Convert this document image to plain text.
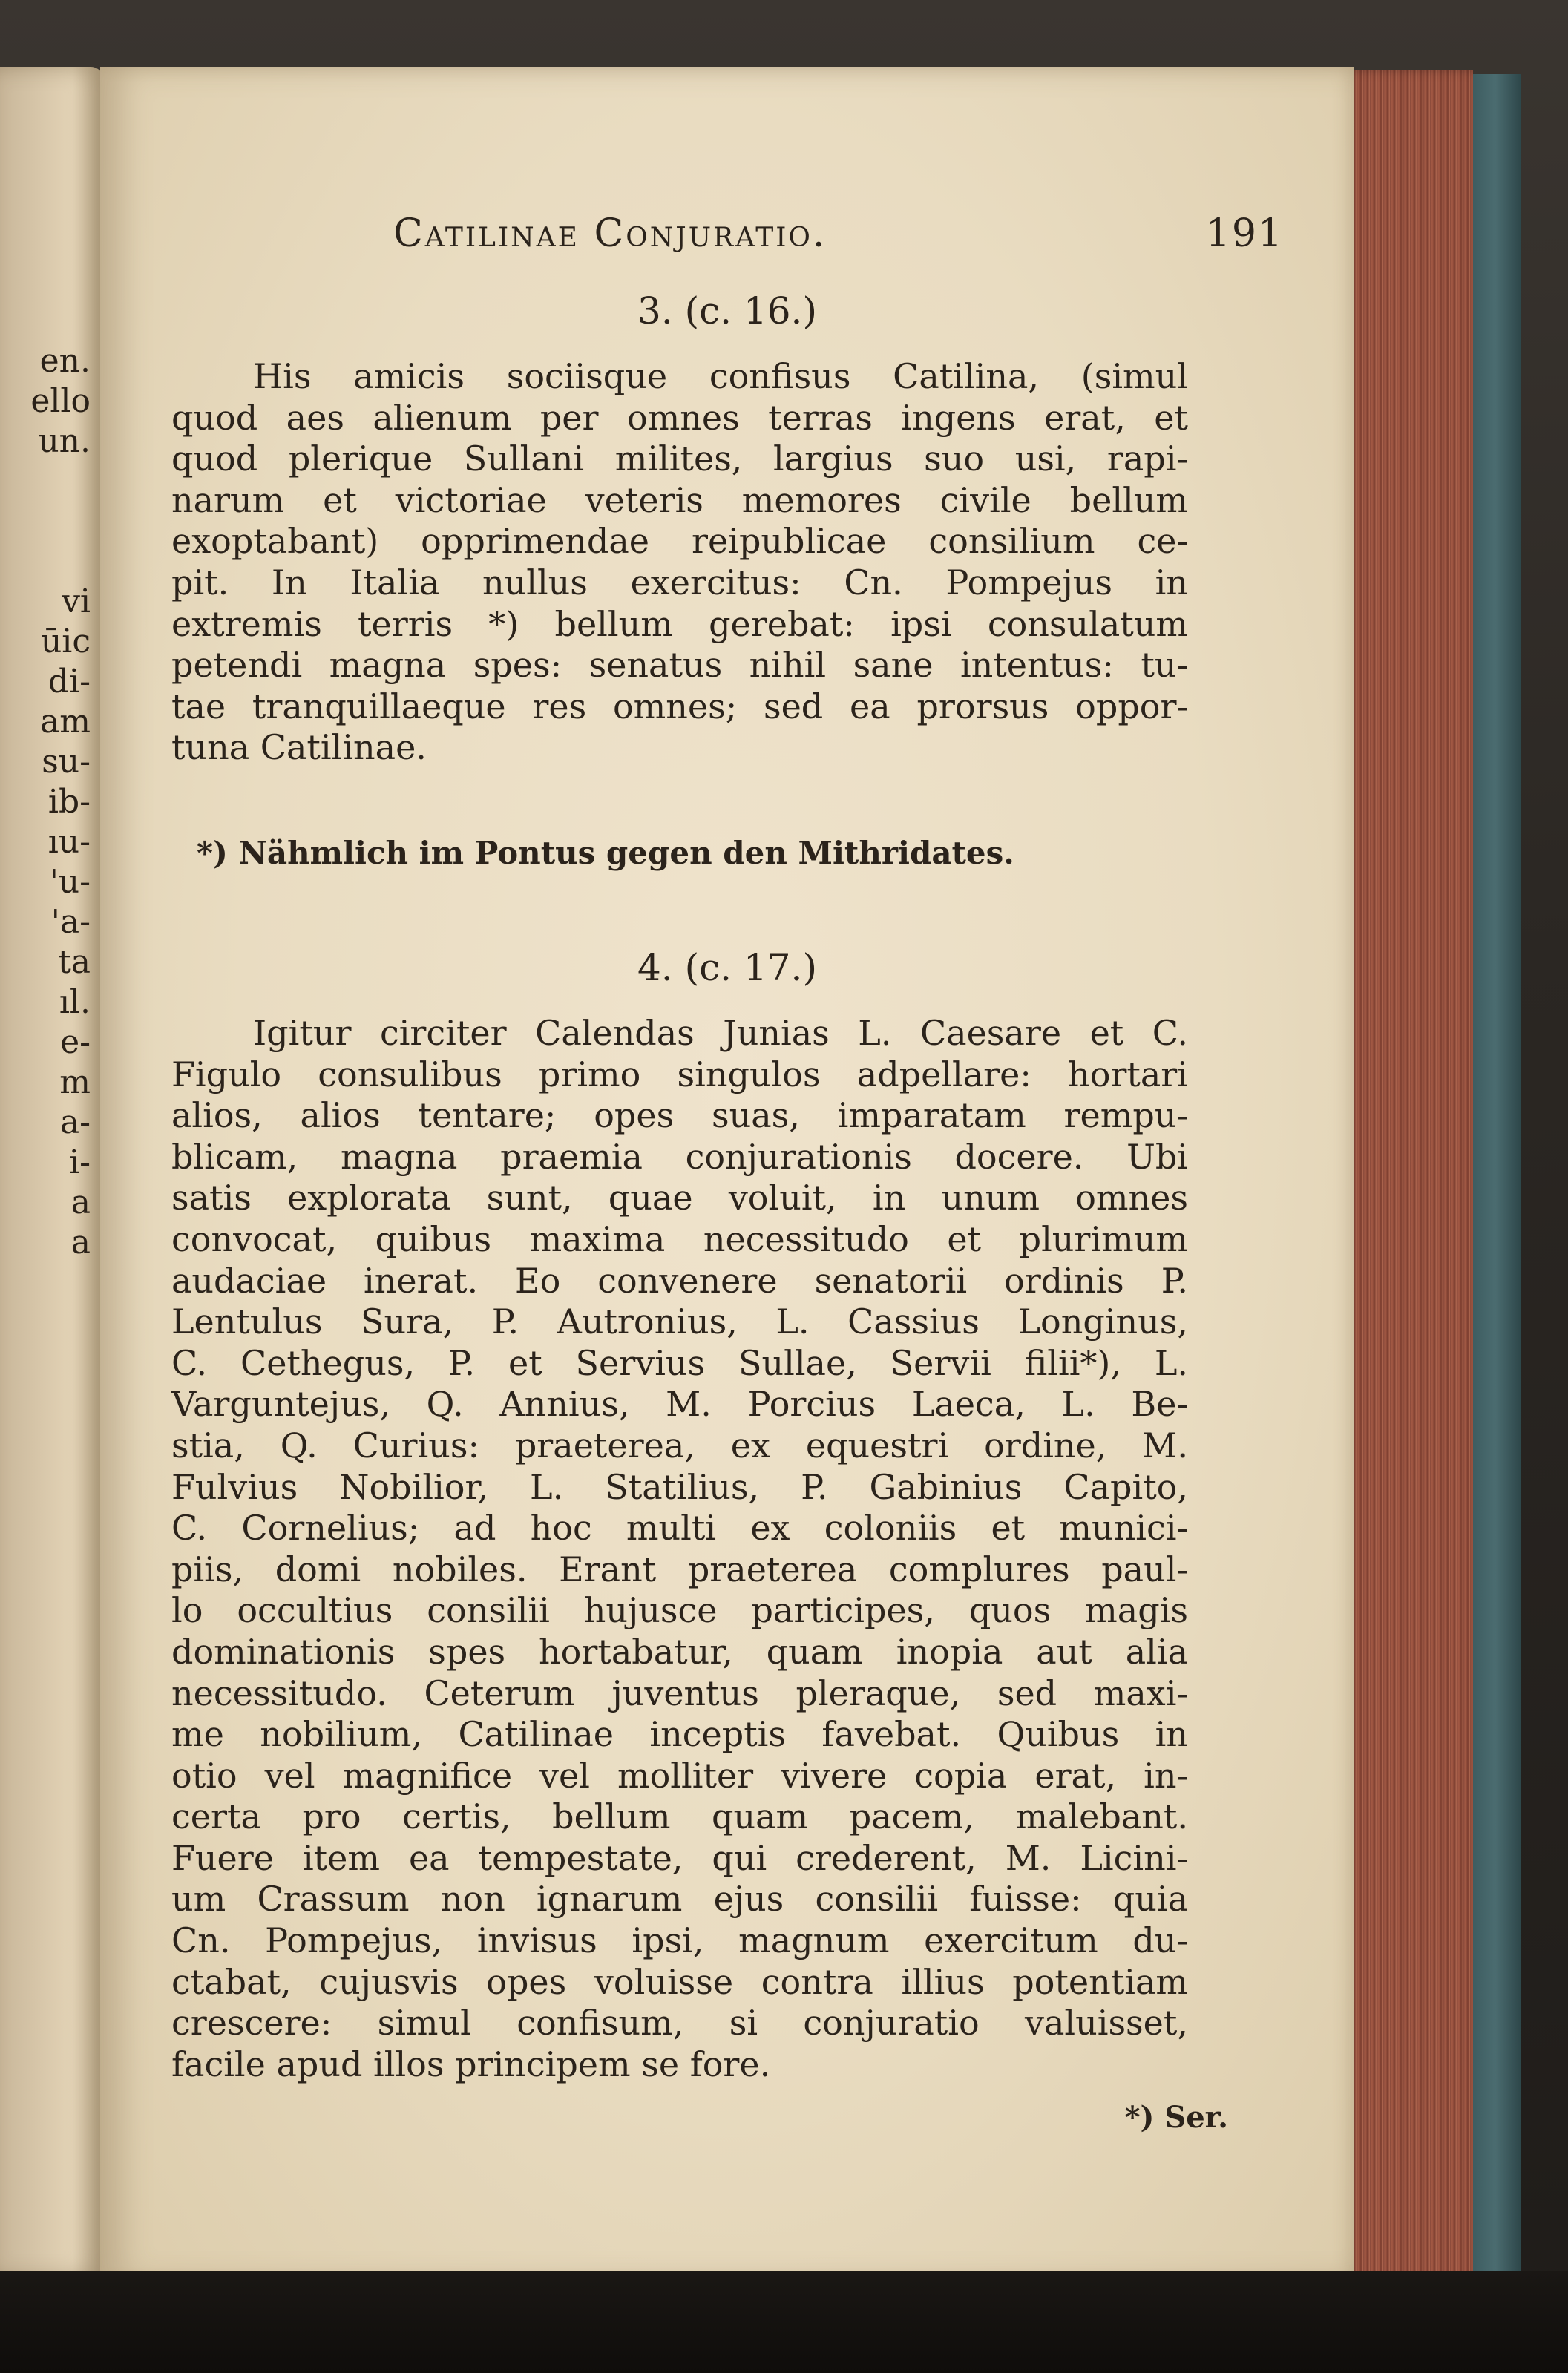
en.
ello
un.

vi
ūic
di-
am
su-
ib-
ıu-
'u-
'a-
ta
ıl.
e-
m
a-
i-
a
a
Catilinae Conjuratio.	191
3. (c. 16.)
His amicis sociisque confisus Catilina, (simul
quod aes alienum per omnes terras ingens erat, et
quod plerique Sullani milites, largius suo usi, rapi-
narum et victoriae veteris memores civile bellum
exoptabant) opprimendae reipublicae consilium ce-
pit. In Italia nullus exercitus: Cn. Pompejus in
extremis terris *) bellum gerebat: ipsi consulatum
petendi magna spes: senatus nihil sane intentus: tu-
tae tranquillaeque res omnes; sed ea prorsus oppor-
tuna Catilinae.
*) Nähmlich im Pontus gegen den Mithridates.
4. (c. 17.)
Igitur circiter Calendas Junias L. Caesare et C.
Figulo consulibus primo singulos adpellare: hortari
alios, alios tentare; opes suas, imparatam rempu-
blicam, magna praemia conjurationis docere. Ubi
satis explorata sunt, quae voluit, in unum omnes
convocat, quibus maxima necessitudo et plurimum
audaciae inerat. Eo convenere senatorii ordinis P.
Lentulus Sura, P. Autronius, L. Cassius Longinus,
C. Cethegus, P. et Servius Sullae, Servii filii*), L.
Varguntejus, Q. Annius, M. Porcius Laeca, L. Be-
stia, Q. Curius: praeterea, ex equestri ordine, M.
Fulvius Nobilior, L. Statilius, P. Gabinius Capito,
C. Cornelius; ad hoc multi ex coloniis et munici-
piis, domi nobiles. Erant praeterea complures paul-
lo occultius consilii hujusce participes, quos magis
dominationis spes hortabatur, quam inopia aut alia
necessitudo. Ceterum juventus pleraque, sed maxi-
me nobilium, Catilinae inceptis favebat. Quibus in
otio vel magnifice vel molliter vivere copia erat, in-
certa pro certis, bellum quam pacem, malebant.
Fuere item ea tempestate, qui crederent, M. Licini-
um Crassum non ignarum ejus consilii fuisse: quia
Cn. Pompejus, invisus ipsi, magnum exercitum du-
ctabat, cujusvis opes voluisse contra illius potentiam
crescere: simul confisum, si conjuratio valuisset,
facile apud illos principem se fore.
*) Ser.
